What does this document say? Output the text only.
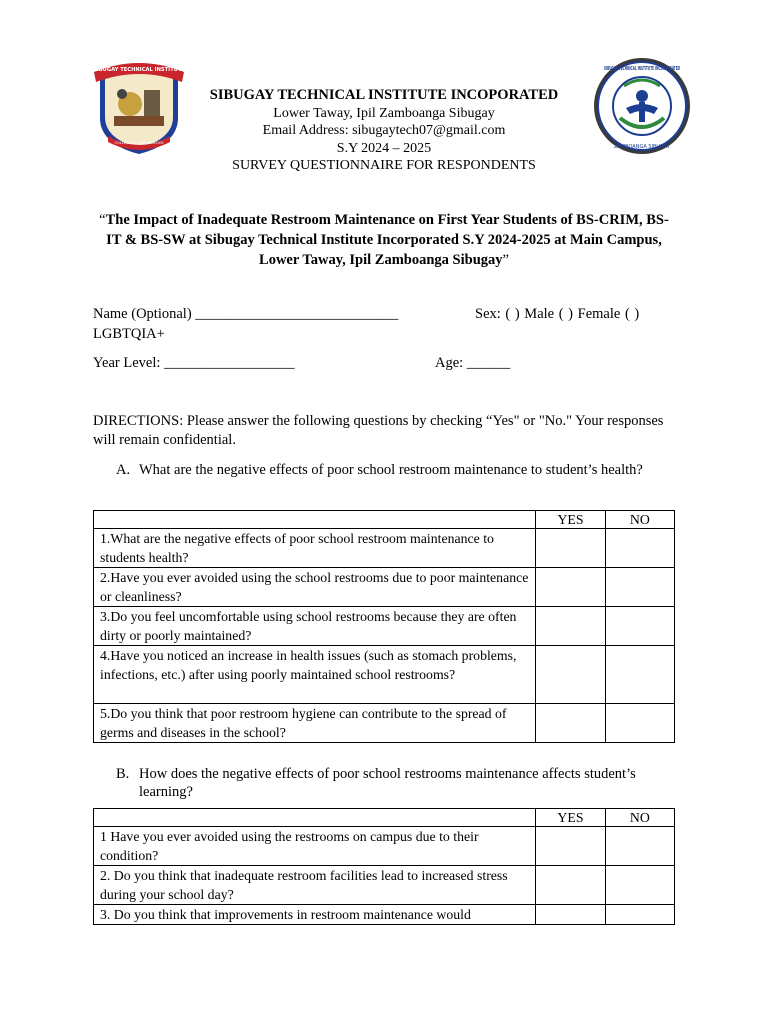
SIBUGAY TECHNICAL INSTITUTE
COLLEGE OF CRIMINOLOGY
SIBUGAY TECHNICAL INSTITUTE INCORPORATED
ZAMBOANGA SIBUGAY
SIBUGAY TECHNICAL INSTITUTE INCOPORATED
Lower Taway, Ipil Zamboanga Sibugay
Email Address: sibugaytech07@gmail.com
S.Y 2024 – 2025
SURVEY QUESTIONNAIRE FOR RESPONDENTS
“The Impact of Inadequate Restroom Maintenance on First Year Students of BS-CRIM, BS-IT & BS-SW at Sibugay Technical Institute Incorporated S.Y 2024-2025 at Main Campus, Lower Taway, Ipil Zamboanga Sibugay”
Name (Optional) ____________________________	Sex: ( ) Male ( ) Female ( )
LGBTQIA+
Year Level: __________________	Age: ______
DIRECTIONS: Please answer the following questions by checking “Yes" or "No." Your responses will remain confidential.
A. What are the negative effects of poor school restroom maintenance to student’s health?
	YES	NO
1.What are the negative effects of poor school restroom maintenance to students health?		
2.Have you ever avoided using the school restrooms due to poor maintenance or cleanliness?		
3.Do you feel uncomfortable using school restrooms because they are often dirty or poorly maintained?		
4.Have you noticed an increase in health issues (such as stomach problems, infections, etc.) after using poorly maintained school restrooms?		
5.Do you think that poor restroom hygiene can contribute to the spread of germs and diseases in the school?		
B. How does the negative effects of poor school restrooms maintenance affects student’s learning?
	YES	NO
1 Have you ever avoided using the restrooms on campus due to their condition?		
2. Do you think that inadequate restroom facilities lead to increased stress during your school day?		
3. Do you think that improvements in restroom maintenance would		
